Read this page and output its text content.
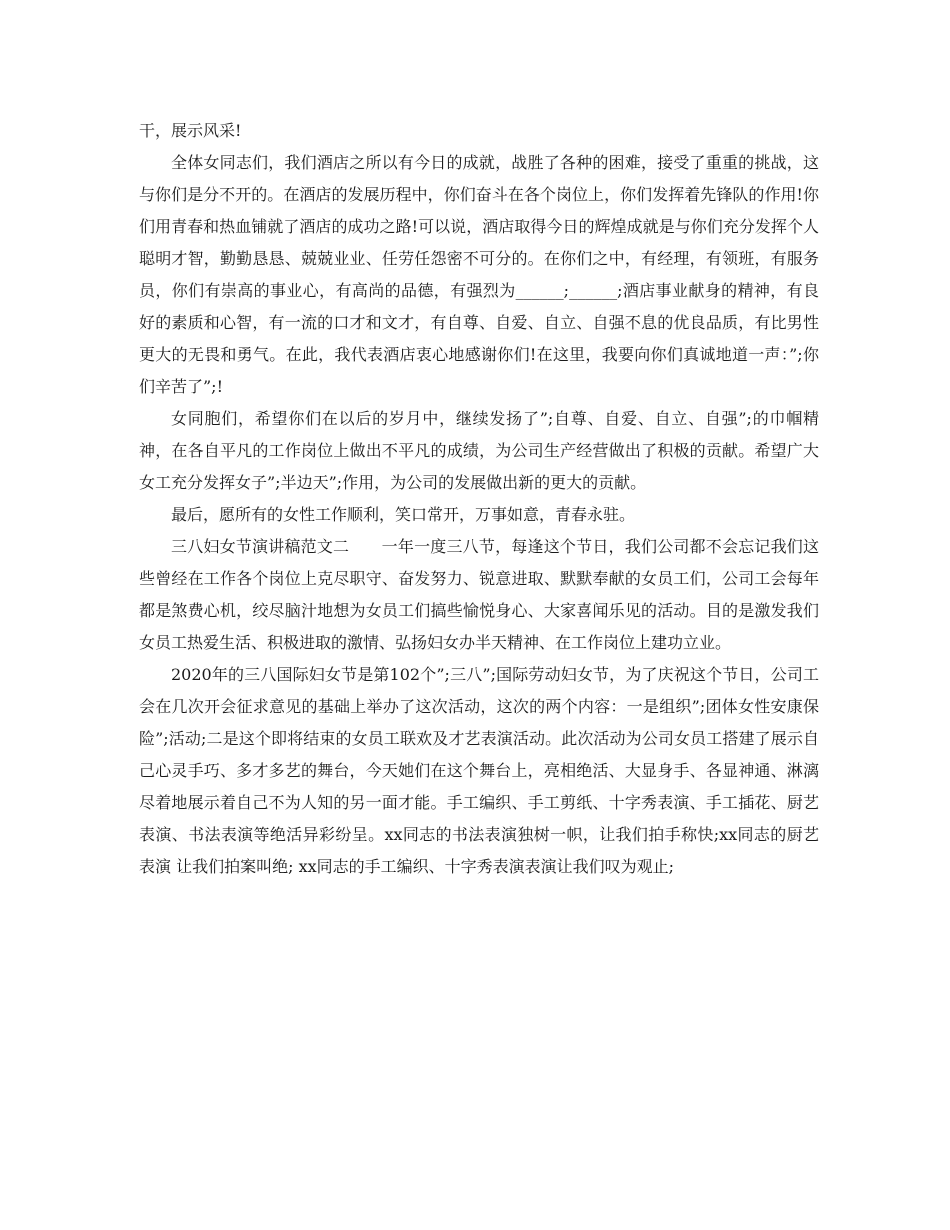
干，展示风采!

全体女同志们，我们酒店之所以有今日的成就，战胜了各种的困难，接受了重重的挑战，这与你们是分不开的。在酒店的发展历程中，你们奋斗在各个岗位上，你们发挥着先锋队的作用!你们用青春和热血铺就了酒店的成功之路!可以说，酒店取得今日的辉煌成就是与你们充分发挥个人聪明才智，勤勤恳恳、兢兢业业、任劳任怨密不可分的。在你们之中，有经理，有领班，有服务员，你们有崇高的事业心，有高尚的品德，有强烈为______;______;酒店事业献身的精神，有良好的素质和心智，有一流的口才和文才，有自尊、自爱、自立、自强不息的优良品质，有比男性更大的无畏和勇气。在此，我代表酒店衷心地感谢你们!在这里，我要向你们真诚地道一声：”;你们辛苦了”;!

女同胞们，希望你们在以后的岁月中，继续发扬了”;自尊、自爱、自立、自强”;的巾帼精神，在各自平凡的工作岗位上做出不平凡的成绩，为公司生产经营做出了积极的贡献。希望广大女工充分发挥女子”;半边天”;作用，为公司的发展做出新的更大的贡献。

最后，愿所有的女性工作顺利，笑口常开，万事如意，青春永驻。

三八妇女节演讲稿范文二　　一年一度三八节，每逢这个节日，我们公司都不会忘记我们这些曾经在工作各个岗位上克尽职守、奋发努力、锐意进取、默默奉献的女员工们，公司工会每年都是煞费心机，绞尽脑汁地想为女员工们搞些愉悦身心、大家喜闻乐见的活动。目的是激发我们女员工热爱生活、积极进取的激情、弘扬妇女办半天精神、在工作岗位上建功立业。

2020年的三八国际妇女节是第102个”;三八”;国际劳动妇女节，为了庆祝这个节日，公司工会在几次开会征求意见的基础上举办了这次活动，这次的两个内容：一是组织”;团体女性安康保险”;活动;二是这个即将结束的女员工联欢及才艺表演活动。此次活动为公司女员工搭建了展示自己心灵手巧、多才多艺的舞台，今天她们在这个舞台上，亮相绝活、大显身手、各显神通、淋漓尽着地展示着自己不为人知的另一面才能。手工编织、手工剪纸、十字秀表演、手工插花、厨艺表演、书法表演等绝活异彩纷呈。xx同志的书法表演独树一帜，让我们拍手称快;xx同志的厨艺表演 让我们拍案叫绝; xx同志的手工编织、十字秀表演表演让我们叹为观止;
